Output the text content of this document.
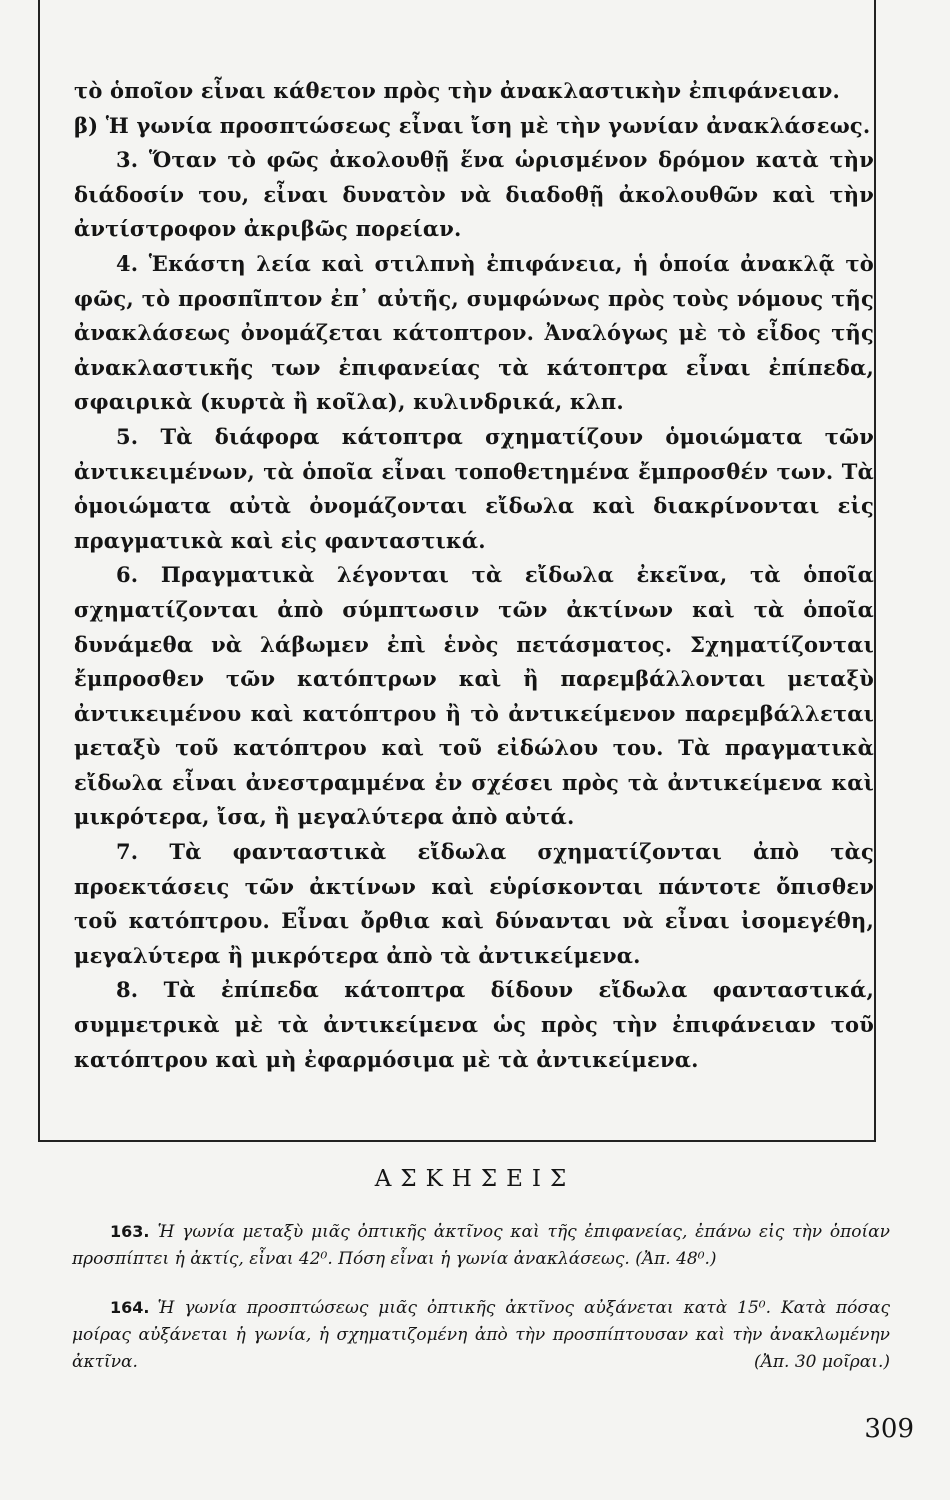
τὸ ὁποῖον εἶναι κάθετον πρὸς τὴν ἀνακλαστικὴν ἐπιφάνειαν.

β) Ἡ γωνία προσπτώσεως εἶναι ἴση μὲ τὴν γωνίαν ἀνακλάσεως.

3. Ὅταν τὸ φῶς ἀκολουθῇ ἕνα ὡρισμένον δρόμον κατὰ τὴν διάδοσίν του, εἶναι δυνατὸν νὰ διαδοθῇ ἀκολουθῶν καὶ τὴν ἀντίστροφον ἀκριβῶς πορείαν.

4. Ἑκάστη λεία καὶ στιλπνὴ ἐπιφάνεια, ἡ ὁποία ἀνακλᾷ τὸ φῶς, τὸ προσπῖπτον ἐπ᾽ αὐτῆς, συμφώνως πρὸς τοὺς νόμους τῆς ἀνακλάσεως ὀνομάζεται κάτοπτρον. Ἀναλόγως μὲ τὸ εἶδος τῆς ἀνακλαστικῆς των ἐπιφανείας τὰ κάτοπτρα εἶναι ἐπίπεδα, σφαιρικὰ (κυρτὰ ἢ κοῖλα), κυλινδρικά, κλπ.

5. Τὰ διάφορα κάτοπτρα σχηματίζουν ὁμοιώματα τῶν ἀντικειμένων, τὰ ὁποῖα εἶναι τοποθετημένα ἔμπροσθέν των. Τὰ ὁμοιώματα αὐτὰ ὀνομάζονται εἴδωλα καὶ διακρίνονται εἰς πραγματικὰ καὶ εἰς φανταστικά.

6. Πραγματικὰ λέγονται τὰ εἴδωλα ἐκεῖνα, τὰ ὁποῖα σχηματίζονται ἀπὸ σύμπτωσιν τῶν ἀκτίνων καὶ τὰ ὁποῖα δυνάμεθα νὰ λάβωμεν ἐπὶ ἑνὸς πετάσματος. Σχηματίζονται ἔμπροσθεν τῶν κατόπτρων καὶ ἢ παρεμβάλλονται μεταξὺ ἀντικειμένου καὶ κατόπτρου ἢ τὸ ἀντικείμενον παρεμβάλλεται μεταξὺ τοῦ κατόπτρου καὶ τοῦ εἰδώλου του. Τὰ πραγματικὰ εἴδωλα εἶναι ἀνεστραμμένα ἐν σχέσει πρὸς τὰ ἀντικείμενα καὶ μικρότερα, ἴσα, ἢ μεγαλύτερα ἀπὸ αὐτά.

7. Τὰ φανταστικὰ εἴδωλα σχηματίζονται ἀπὸ τὰς προεκτάσεις τῶν ἀκτίνων καὶ εὑρίσκονται πάντοτε ὄπισθεν τοῦ κατόπτρου. Εἶναι ὄρθια καὶ δύνανται νὰ εἶναι ἰσομεγέθη, μεγαλύτερα ἢ μικρότερα ἀπὸ τὰ ἀντικείμενα.

8. Τὰ ἐπίπεδα κάτοπτρα δίδουν εἴδωλα φανταστικά, συμμετρικὰ μὲ τὰ ἀντικείμενα ὡς πρὸς τὴν ἐπιφάνειαν τοῦ κατόπτρου καὶ μὴ ἐφαρμόσιμα μὲ τὰ ἀντικείμενα.

ΑΣΚΗΣΕΙΣ

163. Ἡ γωνία μεταξὺ μιᾶς ὀπτικῆς ἀκτῖνος καὶ τῆς ἐπιφανείας, ἐπάνω εἰς τὴν ὁποίαν προσπίπτει ἡ ἀκτίς, εἶναι 42⁰. Πόση εἶναι ἡ γωνία ἀνακλάσεως. (Ἀπ. 48⁰.)

164. Ἡ γωνία προσπτώσεως μιᾶς ὀπτικῆς ἀκτῖνος αὐξάνεται κατὰ 15⁰. Κατὰ πόσας μοίρας αὐξάνεται ἡ γωνία, ἡ σχηματιζομένη ἀπὸ τὴν προσπίπτουσαν καὶ τὴν ἀνακλωμένην ἀκτῖνα.	(Ἀπ. 30 μοῖραι.)

309
